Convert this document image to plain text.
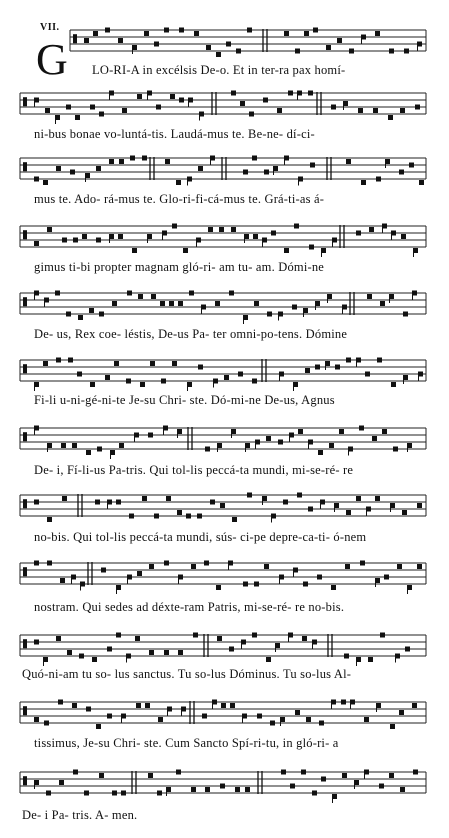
VII.
G LO-RI-A in excélsis De-o. Et in ter-ra pax homí-
ni-bus bonae vo-luntá-tis. Laudá-mus te. Be-ne- dí-ci-
mus te. Ado- rá-mus te. Glo-ri-fi-cá-mus te. Grá-ti-as á-
gimus ti-bi propter magnam gló-ri- am tu- am. Dómi-ne
De- us, Rex coe- léstis, De-us Pa- ter omni-po-tens. Dómine
Fi-li u-ni-gé-ni-te Je-su Chri- ste. Dó-mi-ne De-us, Agnus
De- i, Fí-li-us Pa-tris. Qui tol-lis peccá-ta mundi, mi-se-ré- re
no-bis. Qui tol-lis peccá-ta mundi, sús- ci-pe depre-ca-ti- ó-nem
nostram. Qui sedes ad déxte-ram Patris, mi-se-ré- re no-bis.
Quó-ni-am tu so- lus sanctus. Tu so-lus Dóminus. Tu so-lus Al-
tissimus, Je-su Chri- ste. Cum Sancto Spí-ri-tu, in gló-ri- a
De- i Pa- tris. A- men.
